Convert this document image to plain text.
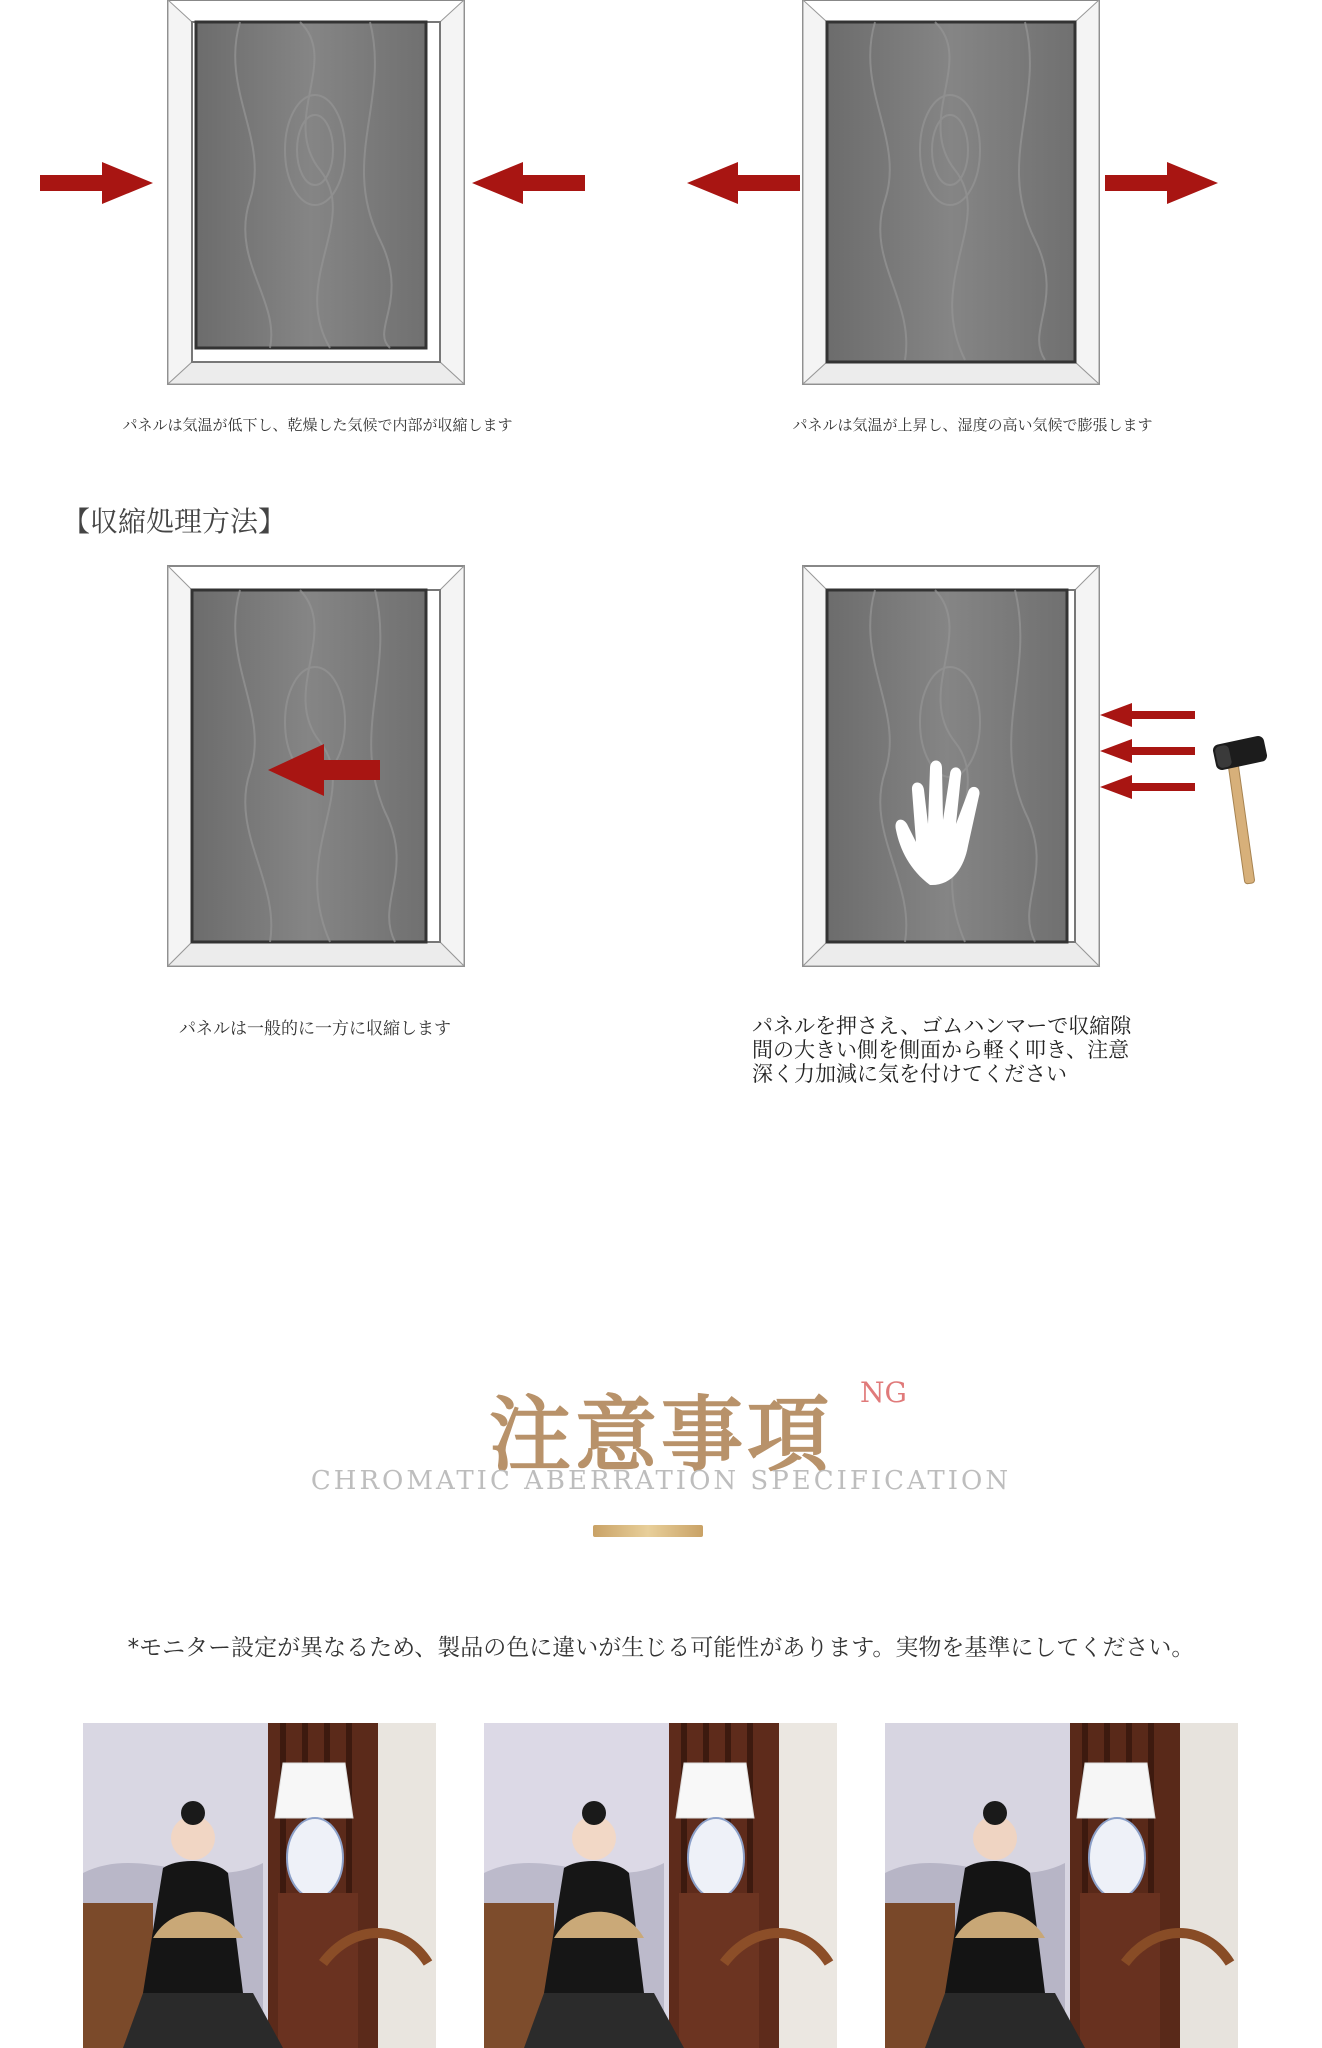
パネルは気温が低下し、乾燥した気候で内部が収縮します	パネルは気温が上昇し、湿度の高い気候で膨張します
【収縮処理方法】
パネルは一般的に一方に収縮します	パネルを押さえ、ゴムハンマーで収縮隙
間の大きい側を側面から軽く叩き、注意
深く力加減に気を付けてください
NG
注意事項
CHROMATIC ABERRATION SPECIFICATION
*モニター設定が異なるため、製品の色に違いが生じる可能性があります。実物を基準にしてください。
